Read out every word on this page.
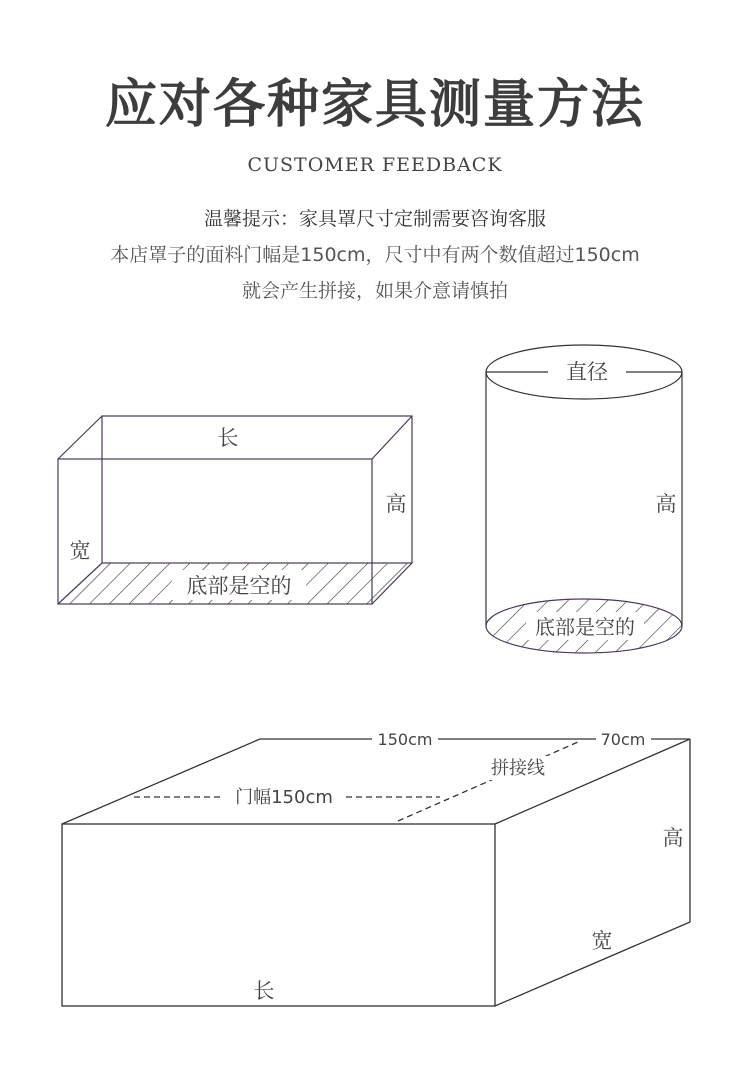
应对各种家具测量方法
CUSTOMER FEEDBACK
温馨提示：家具罩尺寸定制需要咨询客服
本店罩子的面料门幅是150cm，尺寸中有两个数值超过150cm
就会产生拼接，如果介意请慎拍
长
高
宽
底部是空的
直径
高
底部是空的
150cm	70cm
拼接线
门幅150cm
高
宽
长
